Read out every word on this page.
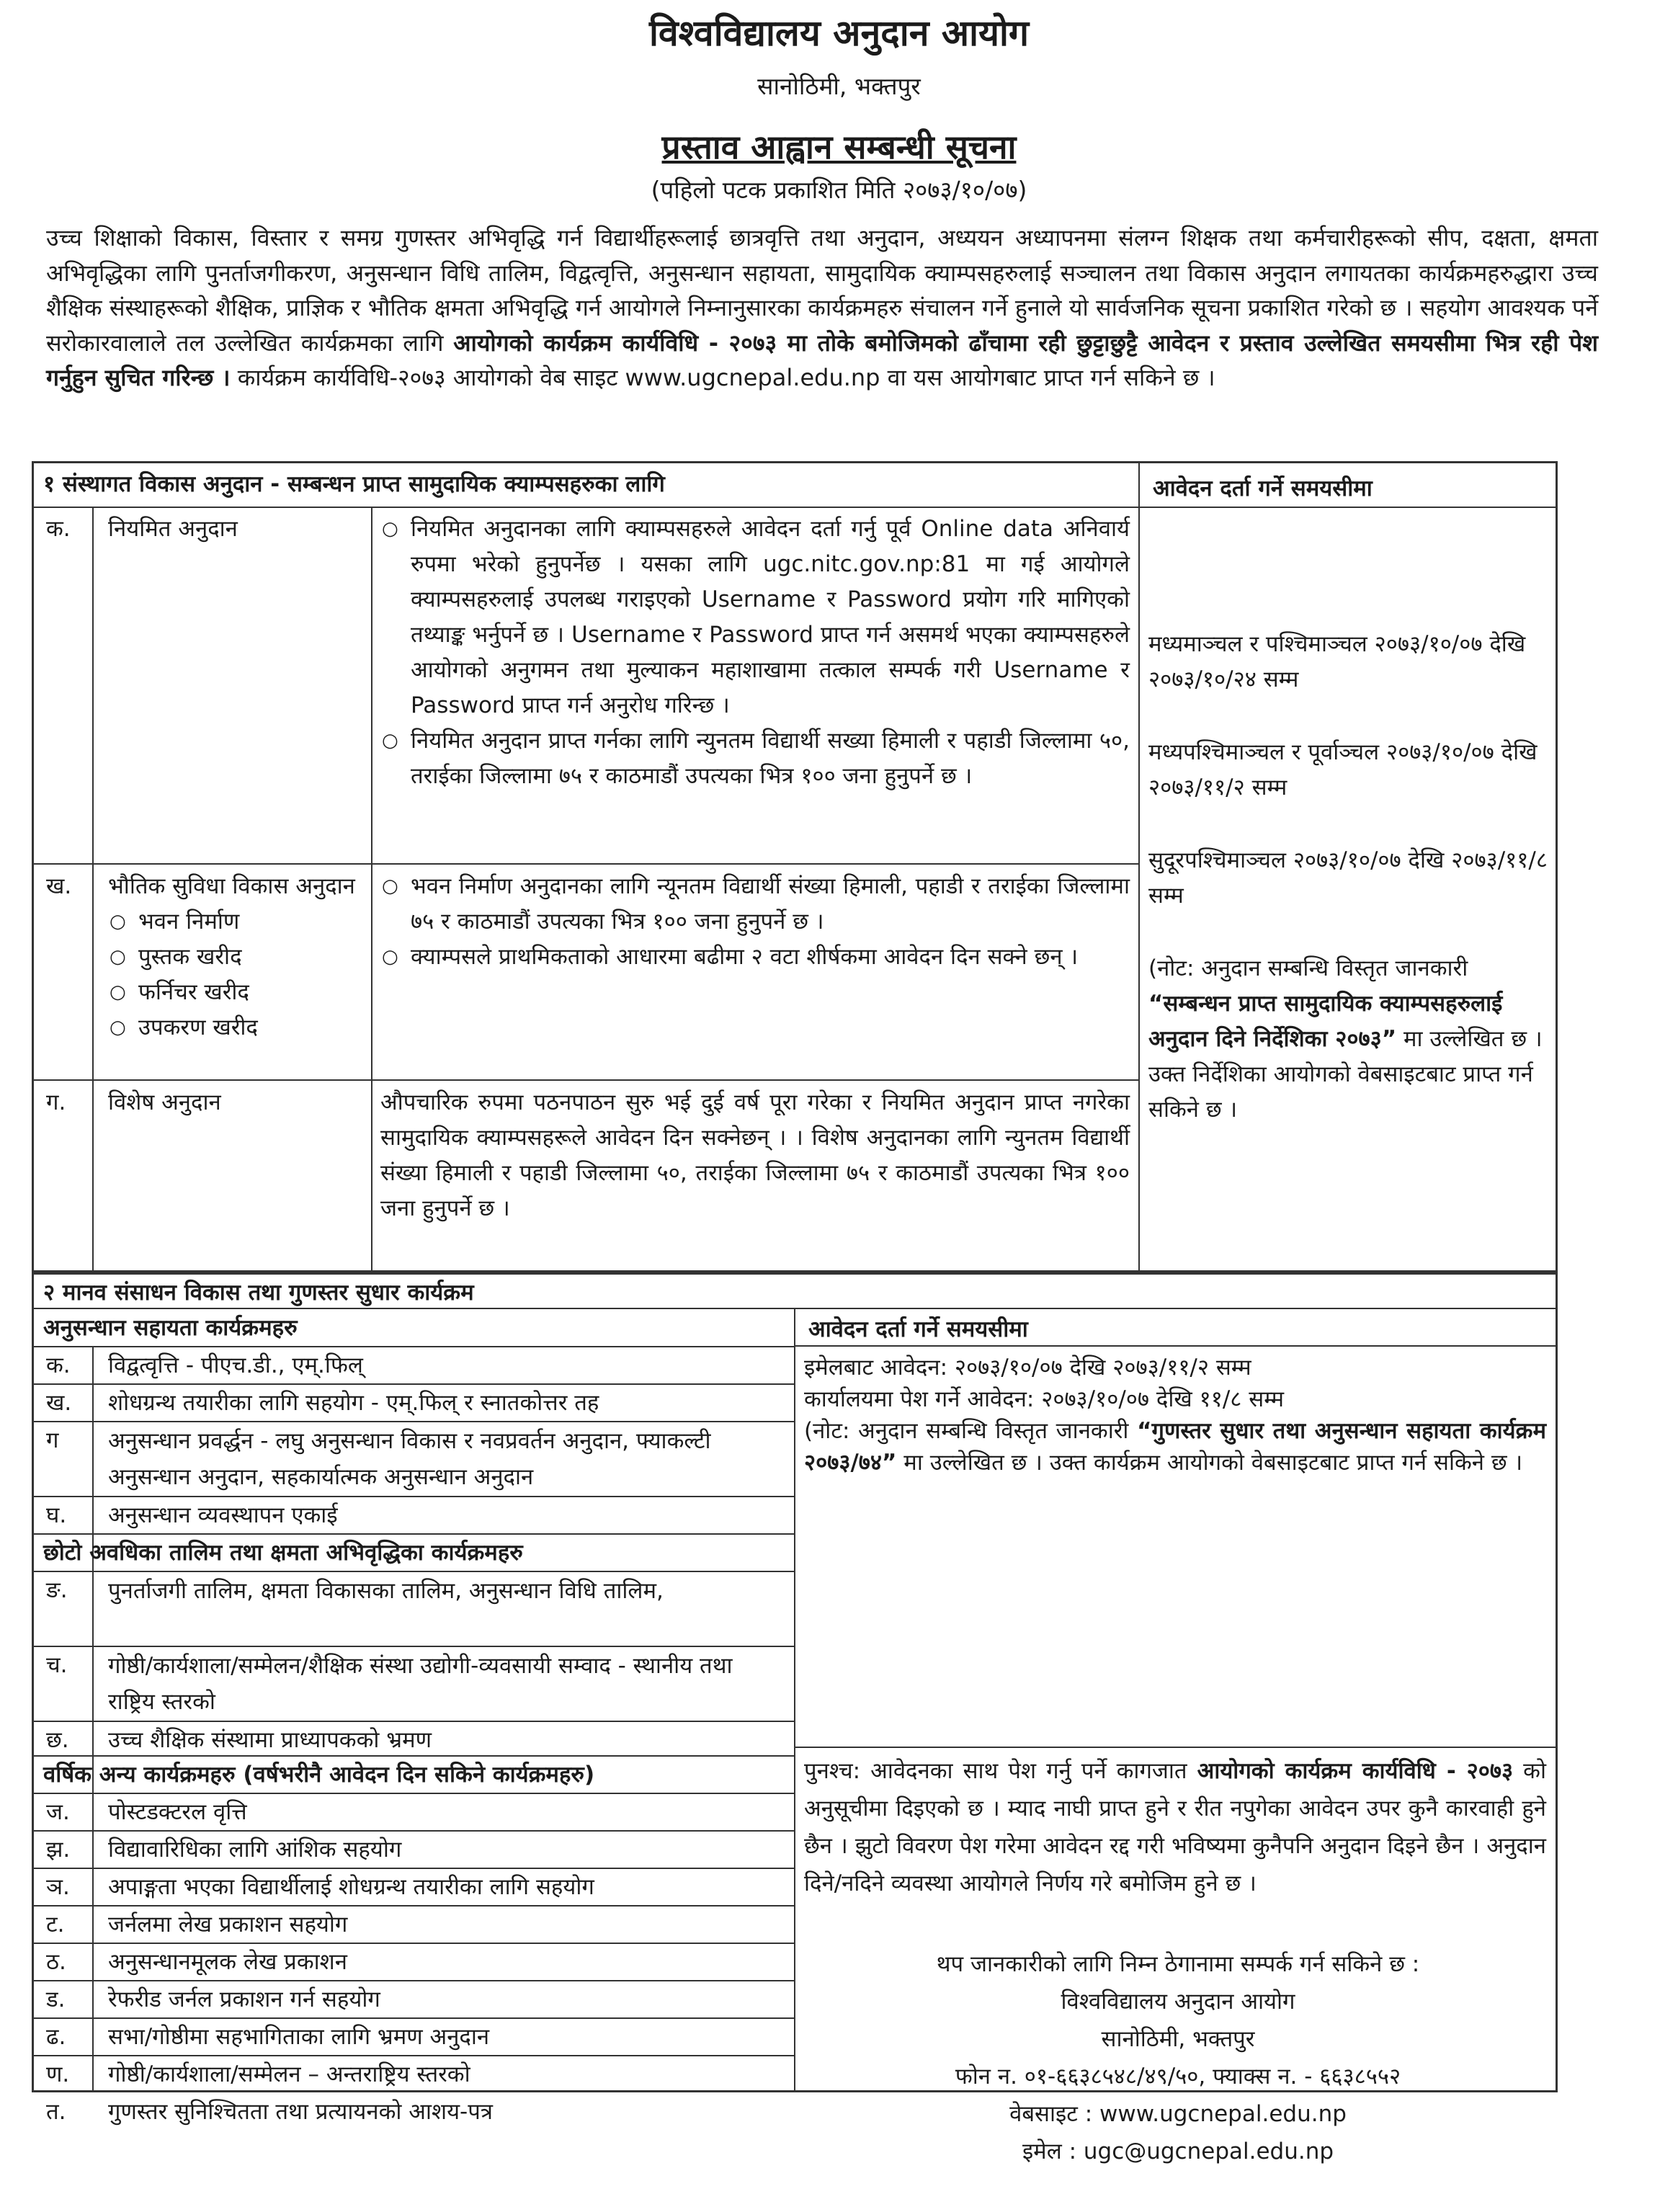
विश्वविद्यालय अनुदान आयोग
सानोठिमी, भक्तपुर
प्रस्ताव आह्वान सम्बन्धी सूचना
(पहिलो पटक प्रकाशित मिति २०७३/१०/०७)
उच्च शिक्षाको विकास, विस्तार र समग्र गुणस्तर अभिवृद्धि गर्न विद्यार्थीहरूलाई छात्रवृत्ति तथा अनुदान, अध्ययन अध्यापनमा संलग्न शिक्षक तथा कर्मचारीहरूको सीप, दक्षता, क्षमता अभिवृद्धिका लागि पुनर्ताजगीकरण, अनुसन्धान विधि तालिम, विद्वत्वृत्ति, अनुसन्धान सहायता, सामुदायिक क्याम्पसहरुलाई सञ्चालन तथा विकास अनुदान लगायतका कार्यक्रमहरुद्धारा उच्च शैक्षिक संस्थाहरूको शैक्षिक, प्राज्ञिक र भौतिक क्षमता अभिवृद्धि गर्न आयोगले निम्नानुसारका कार्यक्रमहरु संचालन गर्ने हुनाले यो सार्वजनिक सूचना प्रकाशित गरेको छ । सहयोग आवश्यक पर्ने सरोकारवालाले तल उल्लेखित कार्यक्रमका लागि आयोगको कार्यक्रम कार्यविधि - २०७३ मा तोके बमोजिमको ढाँचामा रही छुट्टाछुट्टै आवेदन र प्रस्ताव उल्लेखित समयसीमा भित्र रही पेश गर्नुहुन सुचित गरिन्छ । कार्यक्रम कार्यविधि-२०७३ आयोगको वेब साइट www.ugcnepal.edu.np वा यस आयोगबाट प्राप्त गर्न सकिने छ ।
१ संस्थागत विकास अनुदान - सम्बन्धन प्राप्त सामुदायिक क्याम्पसहरुका लागि	आवेदन दर्ता गर्ने समयसीमा
क. नियमित अनुदान
○	नियमित अनुदानका लागि क्याम्पसहरुले आवेदन दर्ता गर्नु पूर्व Online data अनिवार्य रुपमा भरेको हुनुपर्नेछ । यसका लागि ugc.nitc.gov.np:81 मा गई आयोगले क्याम्पसहरुलाई उपलब्ध गराइएको Username र Password प्रयोग गरि मागिएको तथ्याङ्क भर्नुपर्ने छ । Username र Password प्राप्त गर्न असमर्थ भएका क्याम्पसहरुले आयोगको अनुगमन तथा मुल्याकन महाशाखामा तत्काल सम्पर्क गरी Username र Password प्राप्त गर्न अनुरोध गरिन्छ ।
○ नियमित अनुदान प्राप्त गर्नका लागि न्युनतम विद्यार्थी सख्या हिमाली र पहाडी जिल्लामा ५०, तराईका जिल्लामा ७५ र काठमाडौं उपत्यका भित्र १०० जना हुनुपर्ने छ ।
ख. भौतिक सुविधा विकास अनुदान
○ भवन निर्माण
○ पुस्तक खरीद
○ फर्निचर खरीद
○ उपकरण खरीद
○ भवन निर्माण अनुदानका लागि न्यूनतम विद्यार्थी संख्या हिमाली, पहाडी र तराईका जिल्लामा ७५ र काठमाडौं उपत्यका भित्र १०० जना हुनुपर्ने छ ।
○ क्याम्पसले प्राथमिकताको आधारमा बढीमा २ वटा शीर्षकमा आवेदन दिन सक्ने छन् ।
ग. विशेष अनुदान	औपचारिक रुपमा पठनपाठन सुरु भई दुई वर्ष पूरा गरेका र नियमित अनुदान प्राप्त नगरेका सामुदायिक क्याम्पसहरूले आवेदन दिन सक्नेछन् । । विशेष अनुदानका लागि न्युनतम विद्यार्थी संख्या हिमाली र पहाडी जिल्लामा ५०, तराईका जिल्लामा ७५ र काठमाडौं उपत्यका भित्र १०० जना हुनुपर्ने छ ।
मध्यमाञ्चल र पश्चिमाञ्चल २०७३/१०/०७ देखि २०७३/१०/२४ सम्म
मध्यपश्चिमाञ्चल र पूर्वाञ्चल २०७३/१०/०७ देखि २०७३/११/२ सम्म
सुदूरपश्चिमाञ्चल २०७३/१०/०७ देखि २०७३/११/८ सम्म
(नोट: अनुदान सम्बन्धि विस्तृत जानकारी “सम्बन्धन प्राप्त सामुदायिक क्याम्पसहरुलाई अनुदान दिने निर्देशिका २०७३” मा उल्लेखित छ । उक्त निर्देशिका आयोगको वेबसाइटबाट प्राप्त गर्न सकिने छ ।
२ मानव संसाधन विकास तथा गुणस्तर सुधार कार्यक्रम
अनुसन्धान सहायता कार्यक्रमहरु
क. विद्वत्वृत्ति - पीएच.डी., एम्.फिल्
ख. शोधग्रन्थ तयारीका लागि सहयोग - एम्.फिल् र स्नातकोत्तर तह
ग अनुसन्धान प्रवर्द्धन - लघु अनुसन्धान विकास र नवप्रवर्तन अनुदान, फ्याकल्टी अनुसन्धान अनुदान, सहकार्यात्मक अनुसन्धान अनुदान
घ. अनुसन्धान व्यवस्थापन एकाई
छोटो अवधिका तालिम तथा क्षमता अभिवृद्धिका कार्यक्रमहरु
ङ. पुनर्ताजगी तालिम, क्षमता विकासका तालिम, अनुसन्धान विधि तालिम,
च. गोष्ठी/कार्यशाला/सम्मेलन/शैक्षिक संस्था उद्योगी-व्यवसायी सम्वाद - स्थानीय तथा राष्ट्रिय स्तरको
छ. उच्च शैक्षिक संस्थामा प्राध्यापकको भ्रमण
वर्षिक अन्य कार्यक्रमहरु (वर्षभरीनै आवेदन दिन सकिने कार्यक्रमहरु)
ज. पोस्टडक्टरल वृत्ति
झ. विद्यावारिधिका लागि आंशिक सहयोग
ञ. अपाङ्गता भएका विद्यार्थीलाई शोधग्रन्थ तयारीका लागि सहयोग
ट. जर्नलमा लेख प्रकाशन सहयोग
ठ. अनुसन्धानमूलक लेख प्रकाशन
ड. रेफरीड जर्नल प्रकाशन गर्न सहयोग
ढ. सभा/गोष्ठीमा सहभागिताका लागि भ्रमण अनुदान
ण. गोष्ठी/कार्यशाला/सम्मेलन – अन्तराष्ट्रिय स्तरको
त. गुणस्तर सुनिश्चितता तथा प्रत्यायनको आशय-पत्र
आवेदन दर्ता गर्ने समयसीमा
इमेलबाट आवेदन: २०७३/१०/०७ देखि २०७३/११/२ सम्म
कार्यालयमा पेश गर्ने आवेदन: २०७३/१०/०७ देखि ११/८ सम्म
(नोट: अनुदान सम्बन्धि विस्तृत जानकारी “गुणस्तर सुधार तथा अनुसन्धान सहायता कार्यक्रम २०७३/७४” मा उल्लेखित छ । उक्त कार्यक्रम आयोगको वेबसाइटबाट प्राप्त गर्न सकिने छ ।
पुनश्च: आवेदनका साथ पेश गर्नु पर्ने कागजात आयोगको कार्यक्रम कार्यविधि - २०७३ को अनुसूचीमा दिइएको छ । म्याद नाघी प्राप्त हुने र रीत नपुगेका आवेदन उपर कुनै कारवाही हुने छैन । झुटो विवरण पेश गरेमा आवेदन रद्द गरी भविष्यमा कुनैपनि अनुदान दिइने छैन । अनुदान दिने/नदिने व्यवस्था आयोगले निर्णय गरे बमोजिम हुने छ ।
थप जानकारीको लागि निम्न ठेगानामा सम्पर्क गर्न सकिने छ :
विश्वविद्यालय अनुदान आयोग
सानोठिमी, भक्तपुर
फोन न. ०१-६६३८५४८/४९/५०, फ्याक्स न. - ६६३८५५२
वेबसाइट : www.ugcnepal.edu.np
इमेल : ugc@ugcnepal.edu.np
